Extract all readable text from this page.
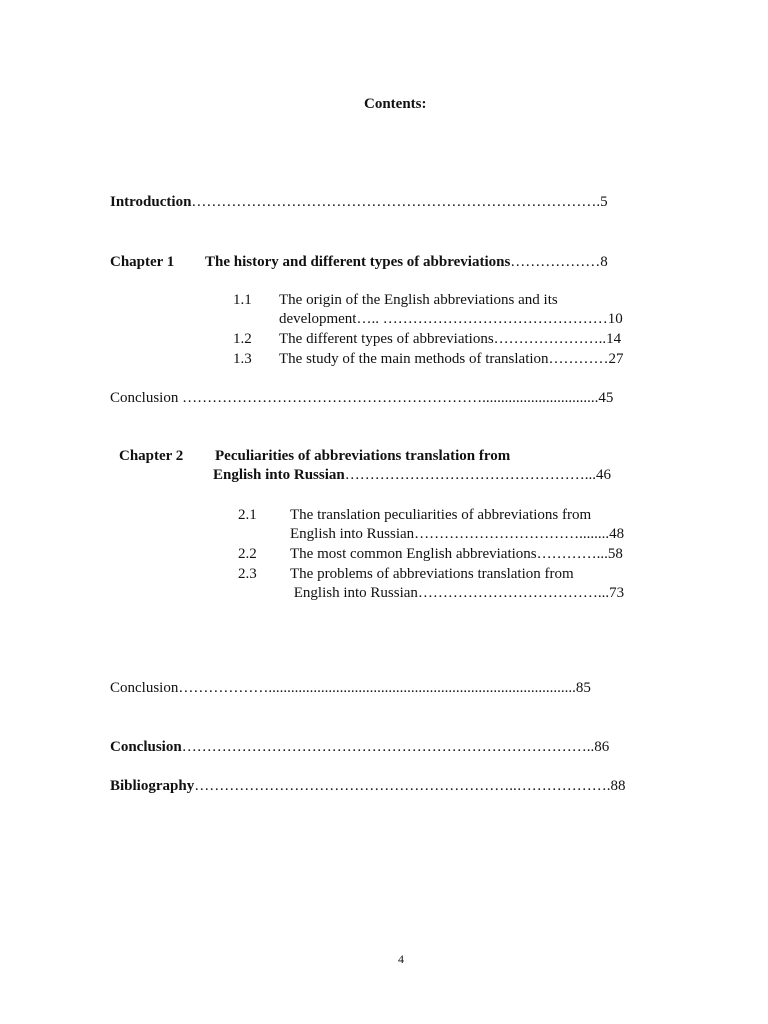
Contents:
Introduction……………………………………………………………………….5
Chapter 1 The history and different types of abbreviations………………8
1.1 The origin of the English abbreviations and its
development….. ………………………………………10
1.2 The different types of abbreviations…………………..14
1.3 The study of the main methods of translation…………27
Conclusion ……………………………………………………...............................45
Chapter 2 Peculiarities of abbreviations translation from
English into Russian…………………………………………...46
2.1 The translation peculiarities of abbreviations from
English into Russian……………………………........48
2.2 The most common English abbreviations…………...58
2.3 The problems of abbreviations translation from
English into Russian………………………………...73
Conclusion………………..................................................................................85
Conclusion………………………………………………………………………..86
Bibliography………………………………………………………..……………….88
4
